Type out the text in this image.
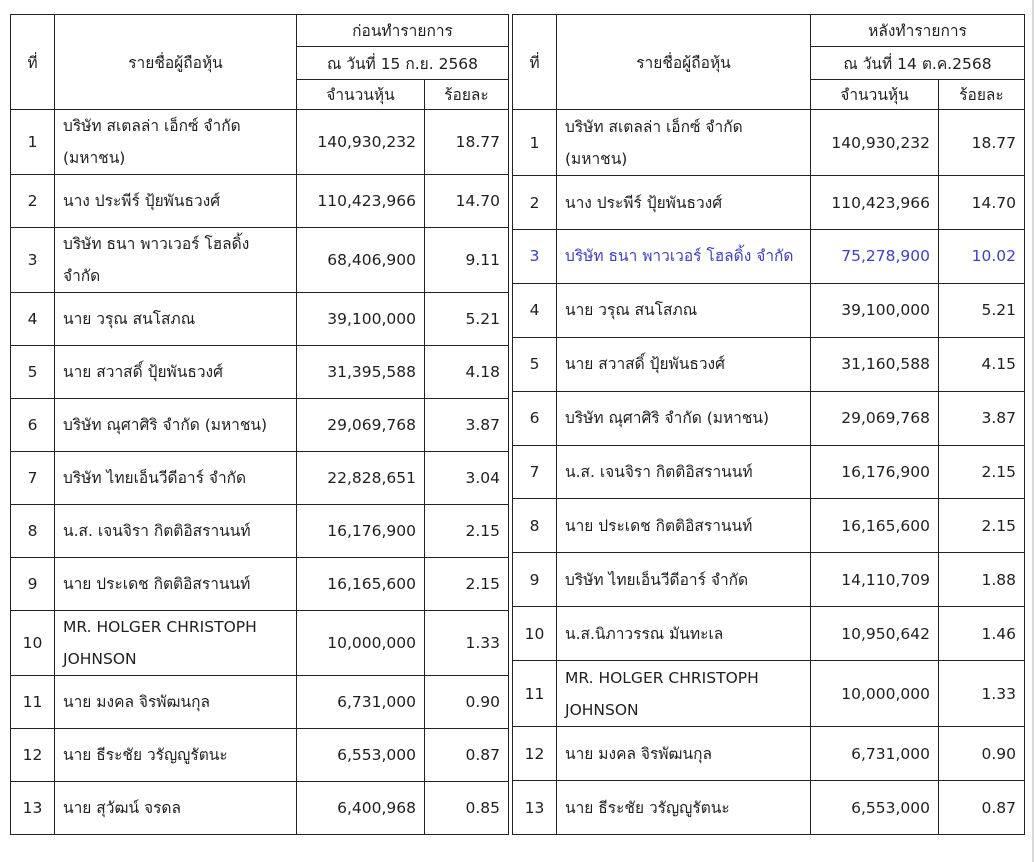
ที่	รายชื่อผู้ถือหุ้น	ก่อนทำรายการ	
		ณ วันที่ 15 ก.ย. 2568	
		จำนวนหุ้น	ร้อยละ
1	บริษัท สเตลล่า เอ็กซ์ จำกัด (มหาชน)	140,930,232	18.77
2	นาง ประพีร์ ปุ้ยพันธวงศ์	110,423,966	14.70
3	บริษัท ธนา พาวเวอร์ โฮลดิ้ง จำกัด	68,406,900	9.11
4	นาย วรุณ สนโสภณ	39,100,000	5.21
5	นาย สวาสดิ์ ปุ้ยพันธวงศ์	31,395,588	4.18
6	บริษัท ณุศาศิริ จำกัด (มหาชน)	29,069,768	3.87
7	บริษัท ไทยเอ็นวีดีอาร์ จำกัด	22,828,651	3.04
8	น.ส. เจนจิรา กิตติอิสรานนท์	16,176,900	2.15
9	นาย ประเดช กิตติอิสรานนท์	16,165,600	2.15
10	MR. HOLGER CHRISTOPH JOHNSON	10,000,000	1.33
11	นาย มงคล จิรพัฒนกุล	6,731,000	0.90
12	นาย ธีระชัย วรัญญูรัตนะ	6,553,000	0.87
13	นาย สุวัฒน์ จรดล	6,400,968	0.85
ที่	รายชื่อผู้ถือหุ้น	หลังทำรายการ	
		ณ วันที่ 14 ต.ค.2568	
		จำนวนหุ้น	ร้อยละ
1	บริษัท สเตลล่า เอ็กซ์ จำกัด (มหาชน)	140,930,232	18.77
2	นาง ประพีร์ ปุ้ยพันธวงศ์	110,423,966	14.70
3	บริษัท ธนา พาวเวอร์ โฮลดิ้ง จำกัด	75,278,900	10.02
4	นาย วรุณ สนโสภณ	39,100,000	5.21
5	นาย สวาสดิ์ ปุ้ยพันธวงศ์	31,160,588	4.15
6	บริษัท ณุศาศิริ จำกัด (มหาชน)	29,069,768	3.87
7	น.ส. เจนจิรา กิตติอิสรานนท์	16,176,900	2.15
8	นาย ประเดช กิตติอิสรานนท์	16,165,600	2.15
9	บริษัท ไทยเอ็นวีดีอาร์ จำกัด	14,110,709	1.88
10	น.ส.นิภาวรรณ มันทะเล	10,950,642	1.46
11	MR. HOLGER CHRISTOPH JOHNSON	10,000,000	1.33
12	นาย มงคล จิรพัฒนกุล	6,731,000	0.90
13	นาย ธีระชัย วรัญญูรัตนะ	6,553,000	0.87
